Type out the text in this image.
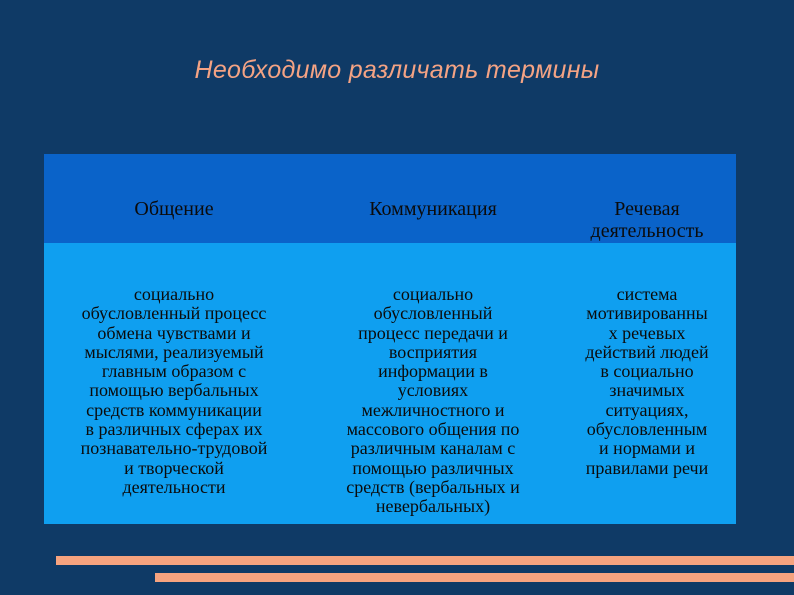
Необходимо различать термины
Общение	Коммуникация	Речевая
деятельность
социально
обусловленный процесс
обмена чувствами и
мыслями, реализуемый
главным образом с
помощью вербальных
средств коммуникации
в различных сферах их
познавательно-трудовой
и творческой
деятельности
социально
обусловленный
процесс передачи и
восприятия
информации в
условиях
межличностного и
массового общения по
различным каналам с
помощью различных
средств (вербальных и
невербальных)
система
мотивированны
х речевых
действий людей
в социально
значимых
ситуациях,
обусловленным
и нормами и
правилами речи
